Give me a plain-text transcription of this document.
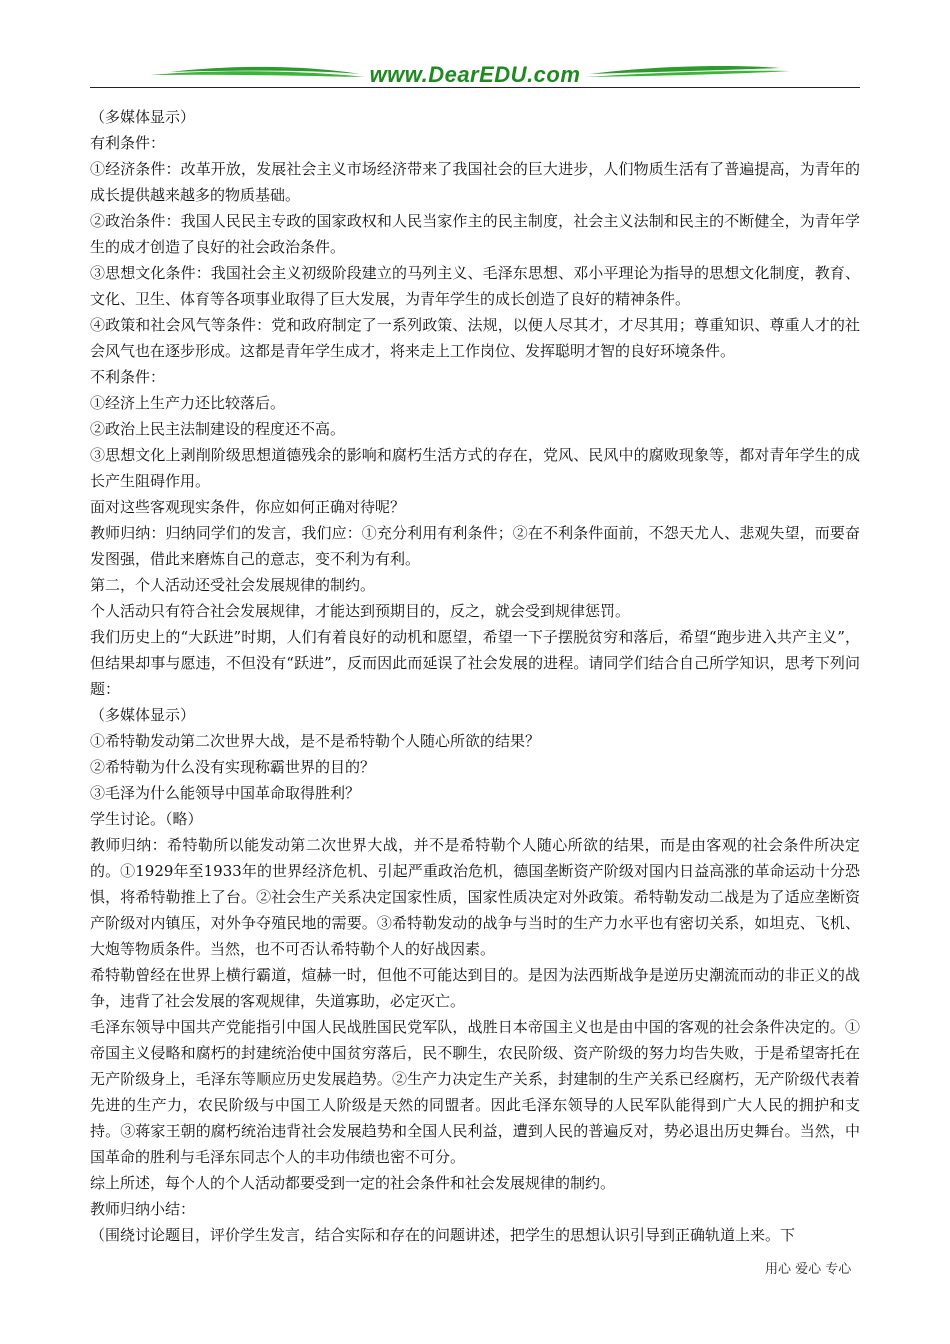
www.DearEDU.com

（多媒体显示）

有利条件：

①经济条件：改革开放，发展社会主义市场经济带来了我国社会的巨大进步，人们物质生活有了普遍提高，为青年的成长提供越来越多的物质基础。

②政治条件：我国人民民主专政的国家政权和人民当家作主的民主制度，社会主义法制和民主的不断健全，为青年学生的成才创造了良好的社会政治条件。

③思想文化条件：我国社会主义初级阶段建立的马列主义、毛泽东思想、邓小平理论为指导的思想文化制度，教育、文化、卫生、体育等各项事业取得了巨大发展，为青年学生的成长创造了良好的精神条件。

④政策和社会风气等条件：党和政府制定了一系列政策、法规，以便人尽其才，才尽其用；尊重知识、尊重人才的社会风气也在逐步形成。这都是青年学生成才，将来走上工作岗位、发挥聪明才智的良好环境条件。

不利条件：

①经济上生产力还比较落后。

②政治上民主法制建设的程度还不高。

③思想文化上剥削阶级思想道德残余的影响和腐朽生活方式的存在，党风、民风中的腐败现象等，都对青年学生的成长产生阻碍作用。

面对这些客观现实条件，你应如何正确对待呢？

教师归纳：归纳同学们的发言，我们应：①充分利用有利条件；②在不利条件面前，不怨天尤人、悲观失望，而要奋发图强，借此来磨炼自己的意志，变不利为有利。

第二，个人活动还受社会发展规律的制约。

个人活动只有符合社会发展规律，才能达到预期目的，反之，就会受到规律惩罚。

我们历史上的“大跃进”时期，人们有着良好的动机和愿望，希望一下子摆脱贫穷和落后，希望“跑步进入共产主义”，但结果却事与愿违，不但没有“跃进”，反而因此而延误了社会发展的进程。请同学们结合自己所学知识，思考下列问题：

（多媒体显示）

①希特勒发动第二次世界大战，是不是希特勒个人随心所欲的结果？

②希特勒为什么没有实现称霸世界的目的？

③毛泽为什么能领导中国革命取得胜利？

学生讨论。（略）

教师归纳：希特勒所以能发动第二次世界大战，并不是希特勒个人随心所欲的结果，而是由客观的社会条件所决定的。①1929年至1933年的世界经济危机、引起严重政治危机，德国垄断资产阶级对国内日益高涨的革命运动十分恐惧，将希特勒推上了台。②社会生产关系决定国家性质，国家性质决定对外政策。希特勒发动二战是为了适应垄断资产阶级对内镇压，对外争夺殖民地的需要。③希特勒发动的战争与当时的生产力水平也有密切关系，如坦克、飞机、大炮等物质条件。当然，也不可否认希特勒个人的好战因素。

希特勒曾经在世界上横行霸道，煊赫一时，但他不可能达到目的。是因为法西斯战争是逆历史潮流而动的非正义的战争，违背了社会发展的客观规律，失道寡助，必定灭亡。

毛泽东领导中国共产党能指引中国人民战胜国民党军队，战胜日本帝国主义也是由中国的客观的社会条件决定的。①帝国主义侵略和腐朽的封建统治使中国贫穷落后，民不聊生，农民阶级、资产阶级的努力均告失败，于是希望寄托在无产阶级身上，毛泽东等顺应历史发展趋势。②生产力决定生产关系，封建制的生产关系已经腐朽，无产阶级代表着先进的生产力，农民阶级与中国工人阶级是天然的同盟者。因此毛泽东领导的人民军队能得到广大人民的拥护和支持。③蒋家王朝的腐朽统治违背社会发展趋势和全国人民利益，遭到人民的普遍反对，势必退出历史舞台。当然，中国革命的胜利与毛泽东同志个人的丰功伟绩也密不可分。

综上所述，每个人的个人活动都要受到一定的社会条件和社会发展规律的制约。

教师归纳小结：

（围绕讨论题目，评价学生发言，结合实际和存在的问题讲述，把学生的思想认识引导到正确轨道上来。下

用心 爱心 专心
